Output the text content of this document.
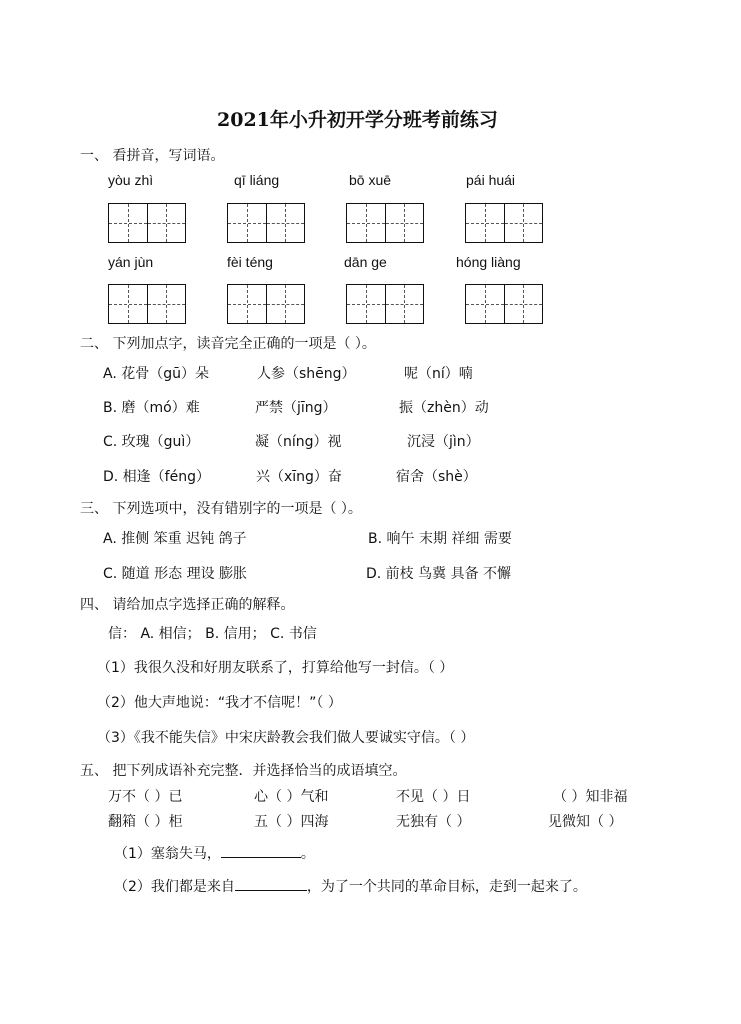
2021年小升初开学分班考前练习
一、 看拼音，写词语。
yòu zhì	qī liáng	bō xuē	pái huái
yán jùn	fèi téng	dān ge	hóng liàng
二、 下列加点字，读音完全正确的一项是（ ）。
A. 花骨（gū）朵	人参（shēng）	呢（ní）喃
B. 磨（mó）难	严禁（jīng）	振（zhèn）动
C. 玫瑰（guì）	凝（níng）视	沉浸（jìn）
D. 相逢（féng）	兴（xīng）奋	宿舍（shè）
三、 下列选项中，没有错别字的一项是（ ）。
A. 推侧 笨重 迟钝 鸽子	B. 响午 末期 祥细 需要
C. 随道 形态 理设 膨胀	D. 前枝 鸟冀 具备 不懈
四、 请给加点字选择正确的解释。
信： A. 相信； B. 信用； C. 书信
（1）我很久没和好朋友联系了，打算给他写一封信。（ ）
（2）他大声地说：“我才不信呢！”（ ）
（3）《我不能失信》中宋庆龄教会我们做人要诚实守信。（ ）
五、 把下列成语补充完整．并选择恰当的成语填空。
万不（ ）已	心（ ）气和	不见（ ）日	（ ）知非福
翻箱（ ）柜	五（ ）四海	无独有（ ）	见微知（ ）
（1）塞翁失马，	。
（2）我们都是来自	，为了一个共同的革命目标，走到一起来了。
